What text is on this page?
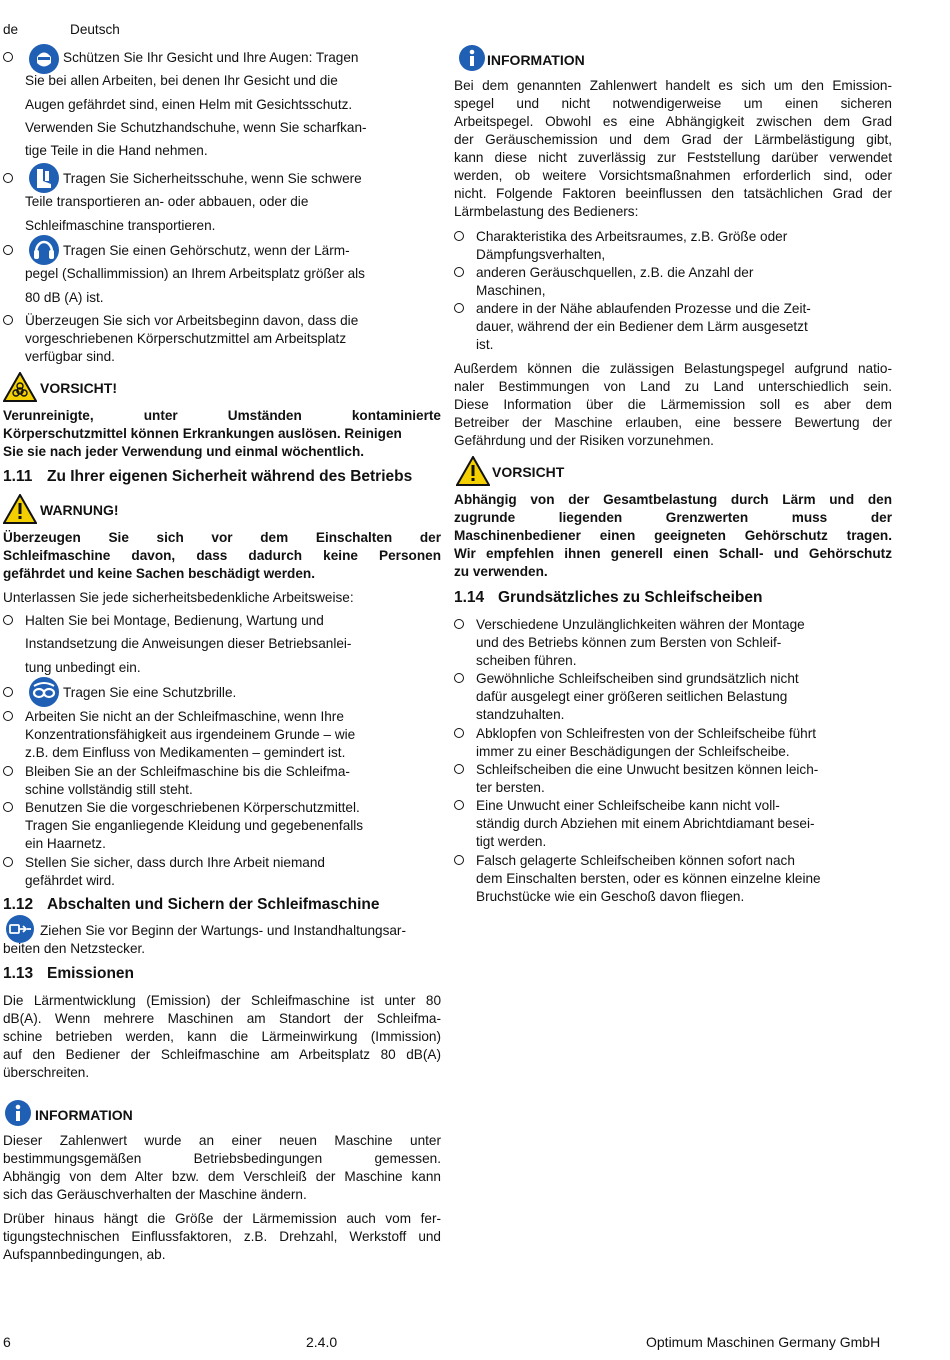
de	Deutsch

Schützen Sie Ihr Gesicht und Ihre Augen: Tragen

Sie bei allen Arbeiten, bei denen Ihr Gesicht und die

Augen gefährdet sind, einen Helm mit Gesichtsschutz.

Verwenden Sie Schutzhandschuhe, wenn Sie scharfkan-

tige Teile in die Hand nehmen.

Tragen Sie Sicherheitsschuhe, wenn Sie schwere

Teile transportieren an- oder abbauen, oder die

Schleifmaschine transportieren.

Tragen Sie einen Gehörschutz, wenn der Lärm-

pegel (Schallimmission) an Ihrem Arbeitsplatz größer als

80 dB (A) ist.

Überzeugen Sie sich vor Arbeitsbeginn davon, dass die

vorgeschriebenen Körperschutzmittel am Arbeitsplatz

verfügbar sind.

VORSICHT!

Verunreinigte, unter Umständen kontaminierte

Körperschutzmittel können Erkrankungen auslösen. Reinigen

Sie sie nach jeder Verwendung und einmal wöchentlich.

1.11 Zu Ihrer eigenen Sicherheit während des Betriebs
WARNUNG!

Überzeugen Sie sich vor dem Einschalten der

Schleifmaschine davon, dass dadurch keine Personen

gefährdet und keine Sachen beschädigt werden.

Unterlassen Sie jede sicherheitsbedenkliche Arbeitsweise:

Halten Sie bei Montage, Bedienung, Wartung und

Instandsetzung die Anweisungen dieser Betriebsanlei-

tung unbedingt ein.

Tragen Sie eine Schutzbrille.

Arbeiten Sie nicht an der Schleifmaschine, wenn Ihre

Konzentrationsfähigkeit aus irgendeinem Grunde – wie

z.B. dem Einfluss von Medikamenten – gemindert ist.

Bleiben Sie an der Schleifmaschine bis die Schleifma-

schine vollständig still steht.

Benutzen Sie die vorgeschriebenen Körperschutzmittel.

Tragen Sie enganliegende Kleidung und gegebenenfalls

ein Haarnetz.

Stellen Sie sicher, dass durch Ihre Arbeit niemand

gefährdet wird.

1.12 Abschalten und Sichern der Schleifmaschine

Ziehen Sie vor Beginn der Wartungs- und Instandhaltungsar-

beiten den Netzstecker.

1.13 Emissionen

Die Lärmentwicklung (Emission) der Schleifmaschine ist unter 80

dB(A). Wenn mehrere Maschinen am Standort der Schleifma-

schine betrieben werden, kann die Lärmeinwirkung (Immission)

auf den Bediener der Schleifmaschine am Arbeitsplatz 80 dB(A)

überschreiten.

INFORMATION

Dieser Zahlenwert wurde an einer neuen Maschine unter

bestimmungsgemäßen Betriebsbedingungen gemessen.

Abhängig von dem Alter bzw. dem Verschleiß der Maschine kann

sich das Geräuschverhalten der Maschine ändern.

Drüber hinaus hängt die Größe der Lärmemission auch vom fer-

tigungstechnischen Einflussfaktoren, z.B. Drehzahl, Werkstoff und

Aufspannbedingungen, ab.

INFORMATION

Bei dem genannten Zahlenwert handelt es sich um den Emission-

spegel und nicht notwendigerweise um einen sicheren

Arbeitspegel. Obwohl es eine Abhängigkeit zwischen dem Grad

der Geräuschemission und dem Grad der Lärmbelästigung gibt,

kann diese nicht zuverlässig zur Feststellung darüber verwendet

werden, ob weitere Vorsichtsmaßnahmen erforderlich sind, oder

nicht. Folgende Faktoren beeinflussen den tatsächlichen Grad der

Lärmbelastung des Bedieners:

Charakteristika des Arbeitsraumes, z.B. Größe oder

Dämpfungsverhalten,

anderen Geräuschquellen, z.B. die Anzahl der

Maschinen,

andere in der Nähe ablaufenden Prozesse und die Zeit-

dauer, während der ein Bediener dem Lärm ausgesetzt

ist.

Außerdem können die zulässigen Belastungspegel aufgrund natio-

naler Bestimmungen von Land zu Land unterschiedlich sein.

Diese Information über die Lärmemission soll es aber dem

Betreiber der Maschine erlauben, eine bessere Bewertung der

Gefährdung und der Risiken vorzunehmen.

VORSICHT

Abhängig von der Gesamtbelastung durch Lärm und den

zugrunde liegenden Grenzwerten muss der

Maschinenbediener einen geeigneten Gehörschutz tragen.

Wir empfehlen ihnen generell einen Schall- und Gehörschutz

zu verwenden.

1.14 Grundsätzliches zu Schleifscheiben

Verschiedene Unzulänglichkeiten währen der Montage

und des Betriebs können zum Bersten von Schleif-

scheiben führen.

Gewöhnliche Schleifscheiben sind grundsätzlich nicht

dafür ausgelegt einer größeren seitlichen Belastung

standzuhalten.

Abklopfen von Schleifresten von der Schleifscheibe führt

immer zu einer Beschädigungen der Schleifscheibe.

Schleifscheiben die eine Unwucht besitzen können leich-

ter bersten.

Eine Unwucht einer Schleifscheibe kann nicht voll-

ständig durch Abziehen mit einem Abrichtdiamant besei-

tigt werden.

Falsch gelagerte Schleifscheiben können sofort nach

dem Einschalten bersten, oder es können einzelne kleine

Bruchstücke wie ein Geschoß davon fliegen.

6	2.4.0	Optimum Maschinen Germany GmbH
